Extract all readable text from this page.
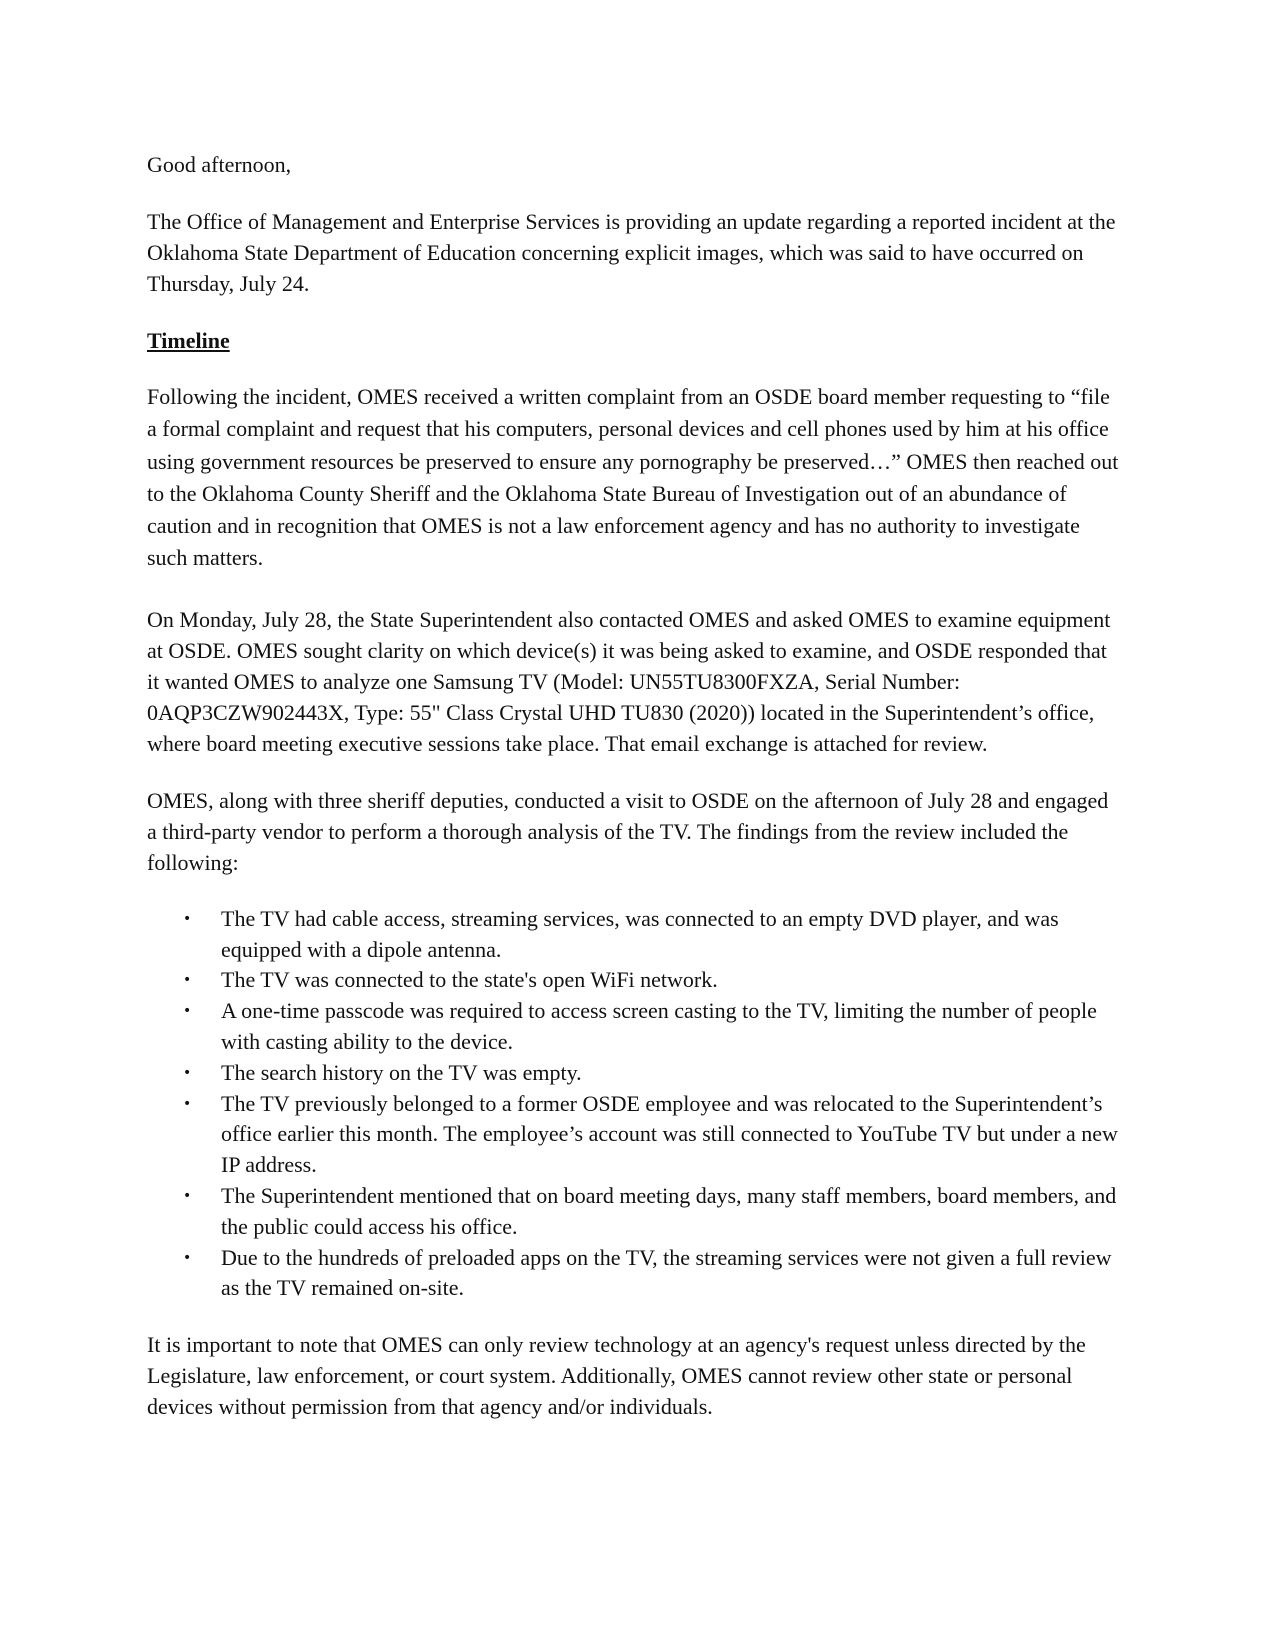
Good afternoon,

The Office of Management and Enterprise Services is providing an update regarding a reported incident at the Oklahoma State Department of Education concerning explicit images, which was said to have occurred on Thursday, July 24.

Timeline

Following the incident, OMES received a written complaint from an OSDE board member requesting to “file a formal complaint and request that his computers, personal devices and cell phones used by him at his office using government resources be preserved to ensure any pornography be preserved…” OMES then reached out to the Oklahoma County Sheriff and the Oklahoma State Bureau of Investigation out of an abundance of caution and in recognition that OMES is not a law enforcement agency and has no authority to investigate such matters.

On Monday, July 28, the State Superintendent also contacted OMES and asked OMES to examine equipment at OSDE. OMES sought clarity on which device(s) it was being asked to examine, and OSDE responded that it wanted OMES to analyze one Samsung TV (Model: UN55TU8300FXZA, Serial Number: 0AQP3CZW902443X, Type: 55" Class Crystal UHD TU830 (2020)) located in the Superintendent’s office, where board meeting executive sessions take place. That email exchange is attached for review.

OMES, along with three sheriff deputies, conducted a visit to OSDE on the afternoon of July 28 and engaged a third-party vendor to perform a thorough analysis of the TV. The findings from the review included the following:

• The TV had cable access, streaming services, was connected to an empty DVD player, and was equipped with a dipole antenna.
• The TV was connected to the state's open WiFi network.
• A one-time passcode was required to access screen casting to the TV, limiting the number of people with casting ability to the device.
• The search history on the TV was empty.
• The TV previously belonged to a former OSDE employee and was relocated to the Superintendent’s office earlier this month. The employee’s account was still connected to YouTube TV but under a new IP address.
• The Superintendent mentioned that on board meeting days, many staff members, board members, and the public could access his office.
• Due to the hundreds of preloaded apps on the TV, the streaming services were not given a full review as the TV remained on-site.

It is important to note that OMES can only review technology at an agency's request unless directed by the Legislature, law enforcement, or court system. Additionally, OMES cannot review other state or personal devices without permission from that agency and/or individuals.
